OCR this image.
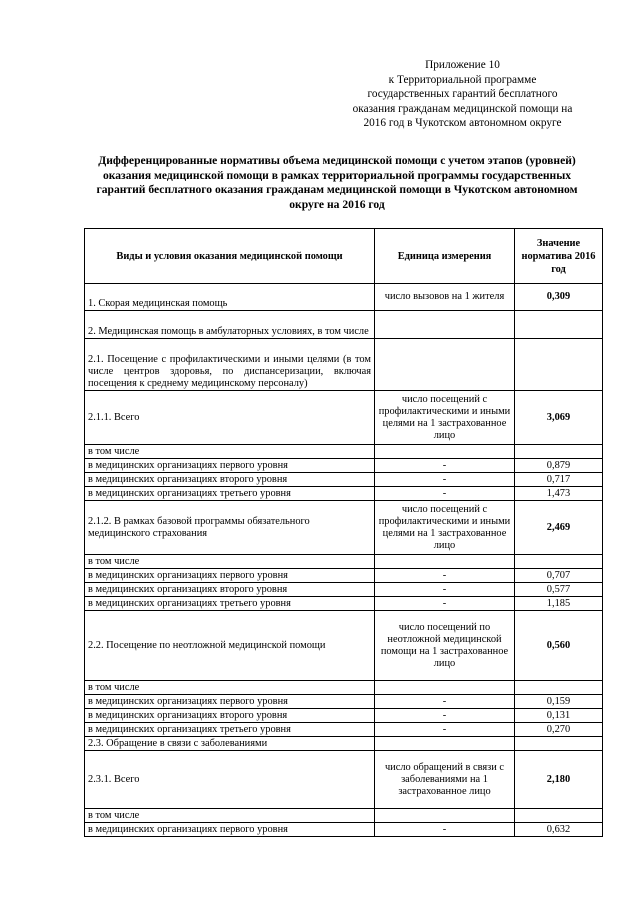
Приложение 10
к Территориальной программе
государственных гарантий бесплатного
оказания гражданам медицинской помощи на
2016 год в Чукотском автономном округе
Дифференцированные нормативы объема медицинской помощи с учетом этапов (уровней)
оказания медицинской помощи в рамках территориальной программы государственных
гарантий бесплатного оказания гражданам медицинской помощи в Чукотском автономном
округе на 2016 год
Виды и условия оказания медицинской помощи	Единица измерения	Значение норматива 2016 год
1. Скорая медицинская помощь	число вызовов на 1 жителя	0,309
2. Медицинская помощь в амбулаторных условиях, в том числе		
2.1. Посещение с профилактическими и иными целями (в том числе центров здоровья, по диспансеризации, включая посещения к среднему медицинскому персоналу)		
2.1.1. Всего	число посещений с профилактическими и иными целями на 1 застрахованное лицо	3,069
в том числе		
в медицинских организациях первого уровня	-	0,879
в медицинских организациях второго уровня	-	0,717
в медицинских организациях третьего уровня	-	1,473
2.1.2. В рамках базовой программы обязательного медицинского страхования	число посещений с профилактическими и иными целями на 1 застрахованное лицо	2,469
в том числе		
в медицинских организациях первого уровня	-	0,707
в медицинских организациях второго уровня	-	0,577
в медицинских организациях третьего уровня	-	1,185
2.2. Посещение по неотложной медицинской помощи	число посещений по неотложной медицинской помощи на 1 застрахованное лицо	0,560
в том числе		
в медицинских организациях первого уровня	-	0,159
в медицинских организациях второго уровня	-	0,131
в медицинских организациях третьего уровня	-	0,270
2.3. Обращение в связи с заболеваниями		
2.3.1. Всего	число обращений в связи с заболеваниями на 1 застрахованное лицо	2,180
в том числе		
в медицинских организациях первого уровня	-	0,632
